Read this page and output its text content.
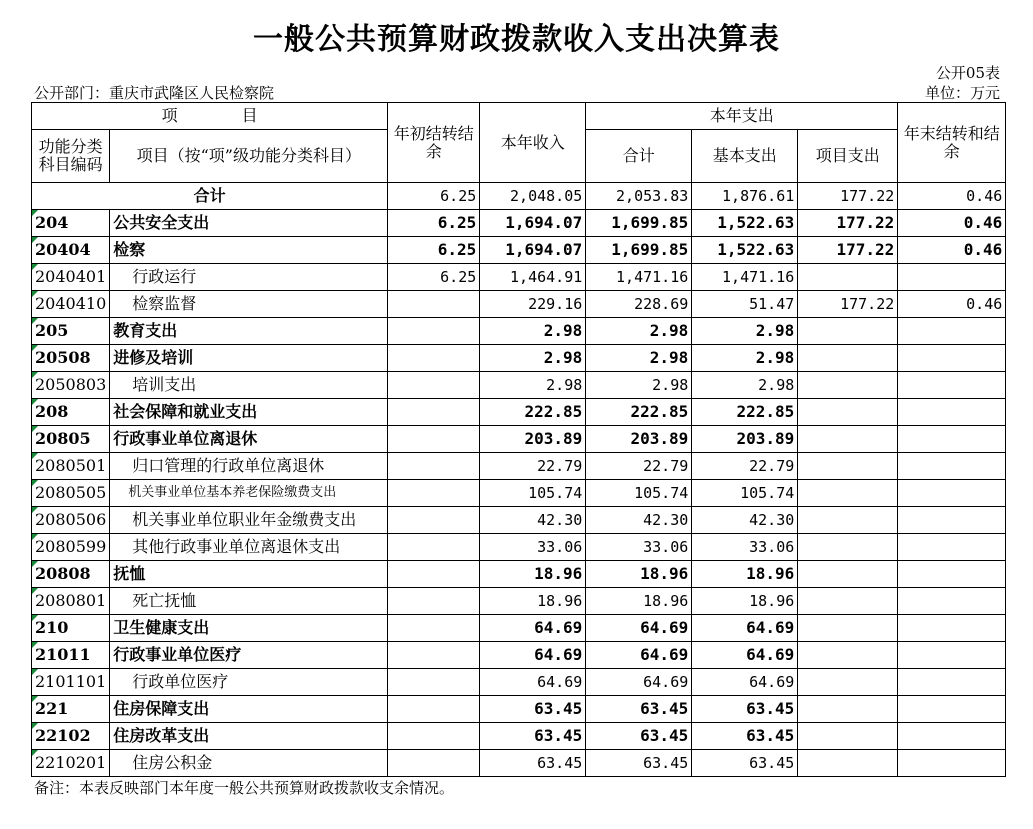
一般公共预算财政拨款收入支出决算表
公开05表
公开部门：重庆市武隆区人民检察院	单位：万元
项　　　　目		年初结转结余	本年收入	本年支出			年末结转和结余
功能分类科目编码	项目（按“项”级功能分类科目）			合计	基本支出	项目支出	
合计		6.25	2,048.05	2,053.83	1,876.61	177.22	0.46
204	公共安全支出	6.25	1,694.07	1,699.85	1,522.63	177.22	0.46
20404	检察	6.25	1,694.07	1,699.85	1,522.63	177.22	0.46
2040401	行政运行	6.25	1,464.91	1,471.16	1,471.16		
2040410	检察监督		229.16	228.69	51.47	177.22	0.46
205	教育支出		2.98	2.98	2.98		
20508	进修及培训		2.98	2.98	2.98		
2050803	培训支出		2.98	2.98	2.98		
208	社会保障和就业支出		222.85	222.85	222.85		
20805	行政事业单位离退休		203.89	203.89	203.89		
2080501	归口管理的行政单位离退休		22.79	22.79	22.79		
2080505	机关事业单位基本养老保险缴费支出		105.74	105.74	105.74		
2080506	机关事业单位职业年金缴费支出		42.30	42.30	42.30		
2080599	其他行政事业单位离退休支出		33.06	33.06	33.06		
20808	抚恤		18.96	18.96	18.96		
2080801	死亡抚恤		18.96	18.96	18.96		
210	卫生健康支出		64.69	64.69	64.69		
21011	行政事业单位医疗		64.69	64.69	64.69		
2101101	行政单位医疗		64.69	64.69	64.69		
221	住房保障支出		63.45	63.45	63.45		
22102	住房改革支出		63.45	63.45	63.45		
2210201	住房公积金		63.45	63.45	63.45		
备注：本表反映部门本年度一般公共预算财政拨款收支余情况。
